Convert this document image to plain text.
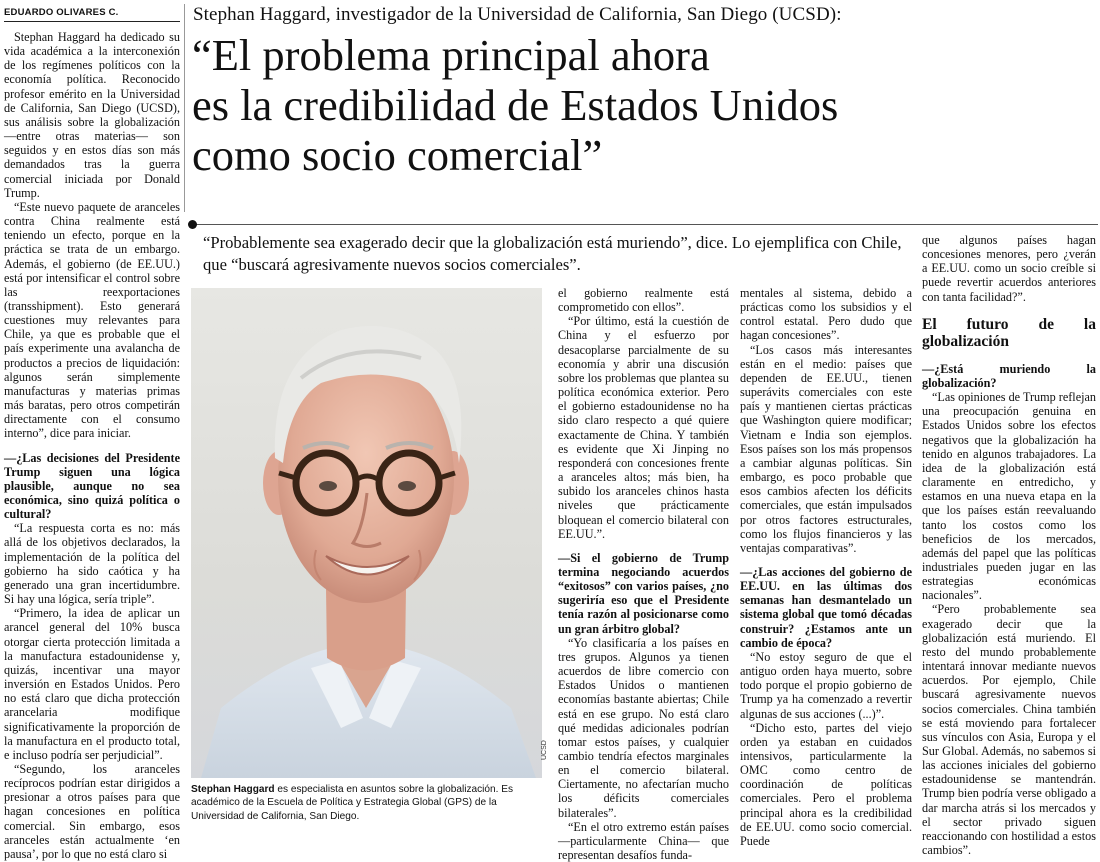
EDUARDO OLIVARES C.	Stephan Haggard, investigador de la Universidad de California, San Diego (UCSD):
“El problema principal ahora
es la credibilidad de Estados Unidos
como socio comercial”
“Probablemente sea exagerado decir que la globalización está muriendo”, dice. Lo ejemplifica con Chile, que “buscará agresivamente nuevos socios comerciales”.

Stephan Haggard ha dedicado su vida académica a la interconexión de los regímenes políticos con la economía política. Reconocido profesor emérito en la Universidad de California, San Diego (UCSD), sus análisis sobre la globalización —entre otras materias— son seguidos y en estos días son más demandados tras la guerra comercial iniciada por Donald Trump.

“Este nuevo paquete de aranceles contra China realmente está teniendo un efecto, porque en la práctica se trata de un embargo. Además, el gobierno (de EE.UU.) está por intensificar el control sobre las reexportaciones (transshipment). Esto generará cuestiones muy relevantes para Chile, ya que es probable que el país experimente una avalancha de productos a precios de liquidación: algunos serán simplemente manufacturas y materias primas más baratas, pero otros competirán directamente con el consumo interno”, dice para iniciar.

—¿Las decisiones del Presidente Trump siguen una lógica plausible, aunque no sea económica, sino quizá política o cultural?

“La respuesta corta es no: más allá de los objetivos declarados, la implementación de la política del gobierno ha sido caótica y ha generado una gran incertidumbre. Si hay una lógica, sería triple”.

“Primero, la idea de aplicar un arancel general del 10% busca otorgar cierta protección limitada a la manufactura estadounidense y, quizás, incentivar una mayor inversión en Estados Unidos. Pero no está claro que dicha protección arancelaria modifique significativamente la proporción de la manufactura en el producto total, e incluso podría ser perjudicial”.

“Segundo, los aranceles recíprocos podrían estar dirigidos a presionar a otros países para que hagan concesiones en política comercial. Sin embargo, esos aranceles están actualmente ‘en pausa’, por lo que no está claro si

UCSD
Stephan Haggard es especialista en asuntos sobre la globalización. Es académico de la Escuela de Política y Estrategia Global (GPS) de la Universidad de California, San Diego.

el gobierno realmente está comprometido con ellos”.

“Por último, está la cuestión de China y el esfuerzo por desacoplarse parcialmente de su economía y abrir una discusión sobre los problemas que plantea su política económica exterior. Pero el gobierno estadounidense no ha sido claro respecto a qué quiere exactamente de China. Y también es evidente que Xi Jinping no responderá con concesiones frente a aranceles altos; más bien, ha subido los aranceles chinos hasta niveles que prácticamente bloquean el comercio bilateral con EE.UU.”.

—Si el gobierno de Trump termina negociando acuerdos “exitosos” con varios países, ¿no sugeriría eso que el Presidente tenía razón al posicionarse como un gran árbitro global?

“Yo clasificaría a los países en tres grupos. Algunos ya tienen acuerdos de libre comercio con Estados Unidos o mantienen economías bastante abiertas; Chile está en ese grupo. No está claro qué medidas adicionales podrían tomar estos países, y cualquier cambio tendría efectos marginales en el comercio bilateral. Ciertamente, no afectarían mucho los déficits comerciales bilaterales”.

“En el otro extremo están países —particularmente China— que representan desafíos funda-

mentales al sistema, debido a prácticas como los subsidios y el control estatal. Pero dudo que hagan concesiones”.

“Los casos más interesantes están en el medio: países que dependen de EE.UU., tienen superávits comerciales con este país y mantienen ciertas prácticas que Washington quiere modificar; Vietnam e India son ejemplos. Esos países son los más propensos a cambiar algunas políticas. Sin embargo, es poco probable que esos cambios afecten los déficits comerciales, que están impulsados por otros factores estructurales, como los flujos financieros y las ventajas comparativas”.

—¿Las acciones del gobierno de EE.UU. en las últimas dos semanas han desmantelado un sistema global que tomó décadas construir? ¿Estamos ante un cambio de época?

“No estoy seguro de que el antiguo orden haya muerto, sobre todo porque el propio gobierno de Trump ya ha comenzado a revertir algunas de sus acciones (...)”.

“Dicho esto, partes del viejo orden ya estaban en cuidados intensivos, particularmente la OMC como centro de coordinación de políticas comerciales. Pero el problema principal ahora es la credibilidad de EE.UU. como socio comercial. Puede

que algunos países hagan concesiones menores, pero ¿verán a EE.UU. como un socio creíble si puede revertir acuerdos anteriores con tanta facilidad?”.

El futuro de la globalización

—¿Está muriendo la globalización?

“Las opiniones de Trump reflejan una preocupación genuina en Estados Unidos sobre los efectos negativos que la globalización ha tenido en algunos trabajadores. La idea de la globalización está claramente en entredicho, y estamos en una nueva etapa en la que los países están reevaluando tanto los costos como los beneficios de los mercados, además del papel que las políticas industriales pueden jugar en las estrategias económicas nacionales”.

“Pero probablemente sea exagerado decir que la globalización está muriendo. El resto del mundo probablemente intentará innovar mediante nuevos acuerdos. Por ejemplo, Chile buscará agresivamente nuevos socios comerciales. China también se está moviendo para fortalecer sus vínculos con Asia, Europa y el Sur Global. Además, no sabemos si las acciones iniciales del gobierno estadounidense se mantendrán. Trump bien podría verse obligado a dar marcha atrás si los mercados y el sector privado siguen reaccionando con hostilidad a estos cambios”.
